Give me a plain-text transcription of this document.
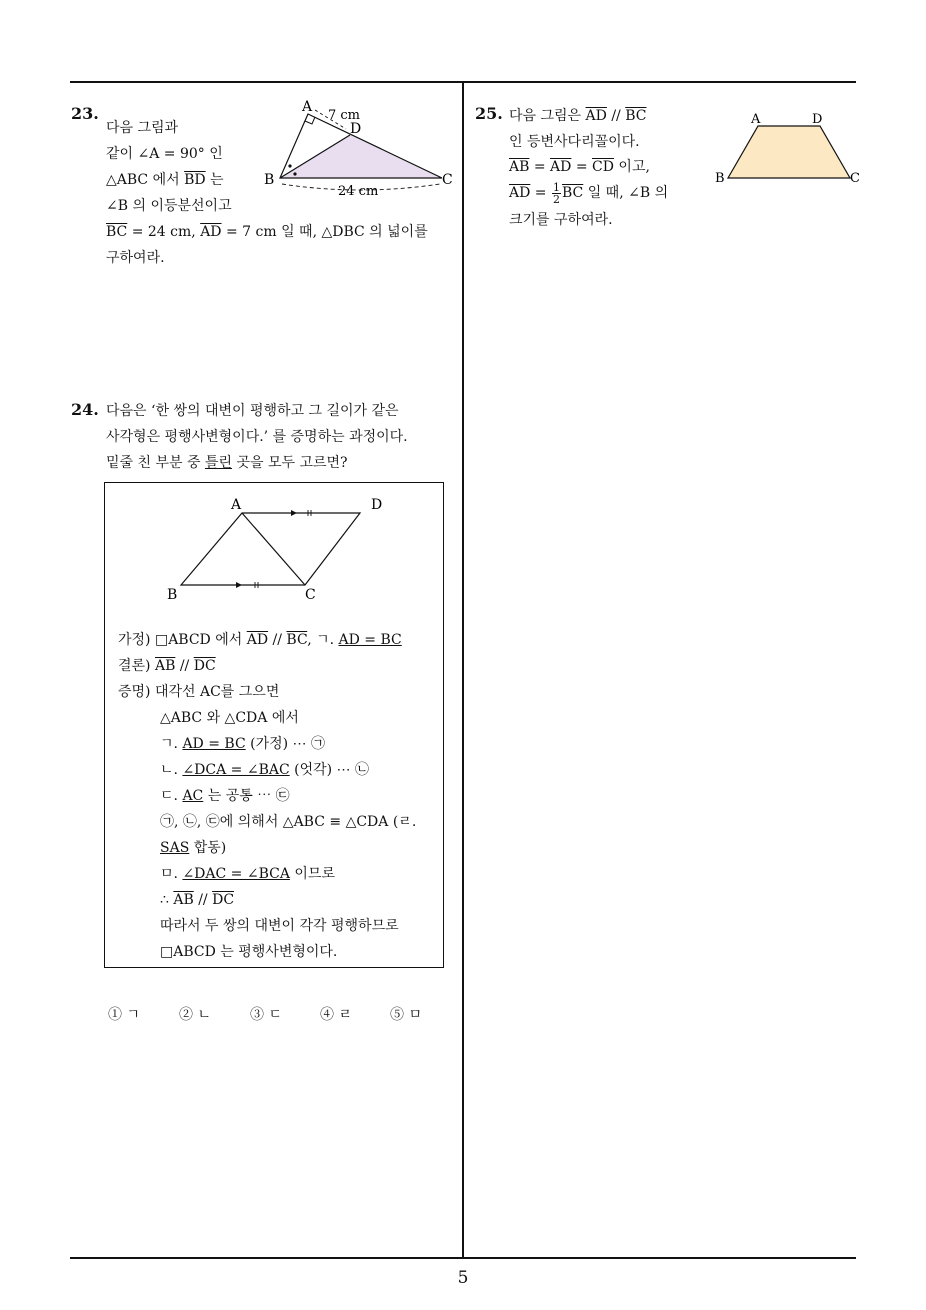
23.
다음 그림과
같이 ∠A = 90° 인
△ABC 에서 $\overline{BD}$ 는
∠B 의 이등분선이고
$\overline{BC} = 24$ cm, $\overline{AD} = 7$ cm 일 때, △DBC 의 넓이를
구하여라.
A
B	C
D
7 cm
24 cm
24. 다음은 ‘한 쌍의 대변이 평행하고 그 길이가 같은
사각형은 평행사변형이다.’ 를 증명하는 과정이다.
밑줄 친 부분 중 틀린 곳을 모두 고르면?
A	D
B	C
가정) □ABCD 에서 $\overline{AD} // \overline{BC}$, ㄱ. AD = BC
결론) $\overline{AB} // \overline{DC}$
증명) 대각선 AC를 그으면
△ABC 와 △CDA 에서
ㄱ. AD = BC (가정) ⋯ ㉠
ㄴ. ∠DCA = ∠BAC (엇각) ⋯ ㉡
ㄷ. AC 는 공통 ⋯ ㉢
㉠, ㉡, ㉢에 의해서 △ABC ≡ △CDA (ㄹ.
SAS 합동)
ㅁ. ∠DAC = ∠BCA 이므로
∴ $\overline{AB} // \overline{DC}$
따라서 두 쌍의 대변이 각각 평행하므로
□ABCD 는 평행사변형이다.
① ㄱ	② ㄴ	③ ㄷ	④ ㄹ	⑤ ㅁ
25. 다음 그림은 $\overline{AD} // \overline{BC}$
인 등변사다리꼴이다.
$\overline{AB} = \overline{AD} = \overline{CD}$ 이고,
$\overline{AD} = \frac{1}{2} \overline{BC}$ 일 때, ∠B 의
크기를 구하여라.
A	D
B	C
5
